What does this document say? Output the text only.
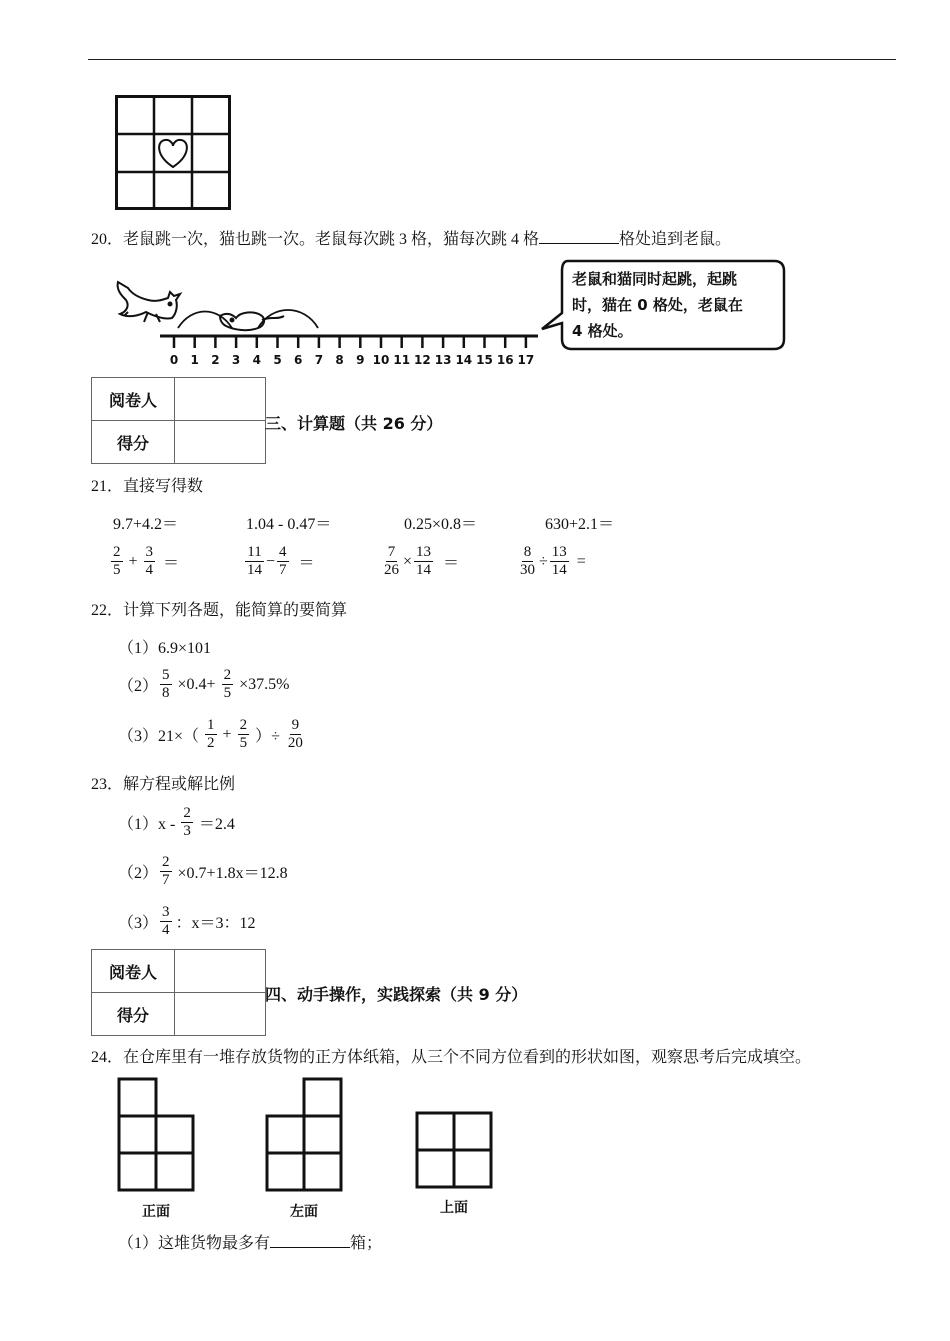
20．老鼠跳一次，猫也跳一次。老鼠每次跳 3 格，猫每次跳 4 格	格处追到老鼠。
0 1 2 3 4 5 6 7 8 9 10 11 12 13 14 15 16 17
老鼠和猫同时起跳，起跳
时，猫在 0 格处，老鼠在
4 格处。
阅卷人	
得分	
三、计算题（共 26 分）
21．直接写得数
9.7+4.2＝	1.04 - 0.47＝	0.25×0.8＝	630+2.1＝
$\frac{2}{5} + \frac{3}{4}$ ＝	$\frac{11}{14} - \frac{4}{7}$ ＝	$\frac{7}{26} \times \frac{13}{14}$ ＝	$\frac{8}{30} \div \frac{13}{14}$ =
22．计算下列各题，能简算的要简算
（1）6.9×101
$(2) \frac{5}{8} \times 0.4+ \frac{2}{5} \times 37.5\%$
$(3)21\times( \frac{1}{2} + \frac{2}{5}$ ）÷ $\frac{9}{20}$
23．解方程或解比例
$(1)x - \frac{2}{3} =2.4$
$(2) \frac{2}{7} \times 0.7+1.8x=12.8$
$(3) \frac{3}{4}$ ：x＝3：12
阅卷人	
得分	
四、动手操作，实践探索（共 9 分）
24．在仓库里有一堆存放货物的正方体纸箱，从三个不同方位看到的形状如图，观察思考后完成填空。
正面	左面	上面
（1）这堆货物最多有	箱；
